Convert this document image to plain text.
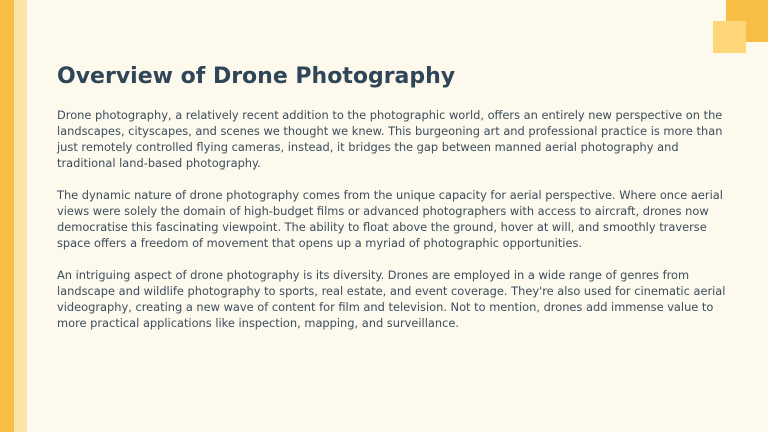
Overview of Drone Photography

Drone photography, a relatively recent addition to the photographic world, offers an entirely new perspective on the landscapes, cityscapes, and scenes we thought we knew. This burgeoning art and professional practice is more than just remotely controlled flying cameras, instead, it bridges the gap between manned aerial photography and traditional land-based photography.

The dynamic nature of drone photography comes from the unique capacity for aerial perspective. Where once aerial views were solely the domain of high-budget films or advanced photographers with access to aircraft, drones now democratise this fascinating viewpoint. The ability to float above the ground, hover at will, and smoothly traverse space offers a freedom of movement that opens up a myriad of photographic opportunities.

An intriguing aspect of drone photography is its diversity. Drones are employed in a wide range of genres from landscape and wildlife photography to sports, real estate, and event coverage. They're also used for cinematic aerial videography, creating a new wave of content for film and television. Not to mention, drones add immense value to more practical applications like inspection, mapping, and surveillance.
